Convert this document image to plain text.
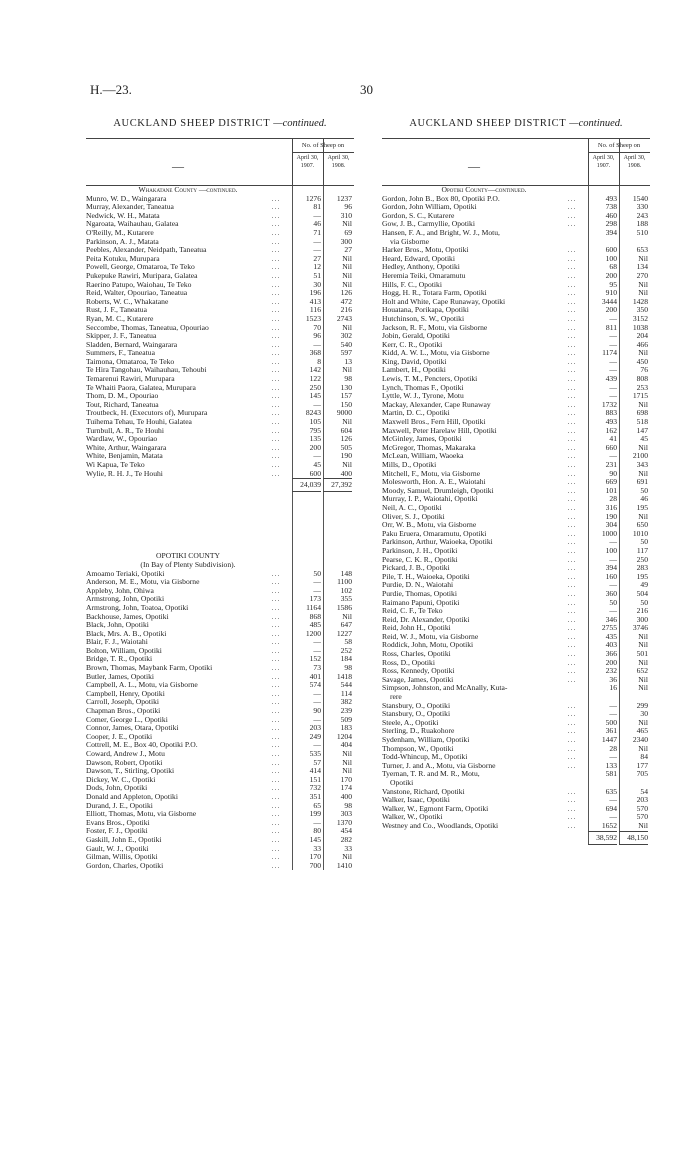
H.—23.	30
AUCKLAND SHEEP DISTRICT —continued.
—
No. of Sheep on
April 30, 1907.
April 30, 1908.
Whakatane County —continued.
Munro, W. D., Waingarara	...	1276	1237
Murray, Alexander, Taneatua	...	81	96
Nedwick, W. H., Matata	...	—	310
Ngaroata, Waihauhau, Galatea	...	46	Nil
O'Reilly, M., Kutarere	...	71	69
Parkinson, A. J., Matata	...	—	300
Peebles, Alexander, Neidpath, Taneatua	...	—	27
Peita Kotuku, Murupara	...	27	Nil
Powell, George, Omataroa, Te Teko	...	12	Nil
Pukepuke Rawiri, Muripara, Galatea	...	51	Nil
Raerino Patupo, Waiohau, Te Teko	...	30	Nil
Reid, Walter, Opouriao, Taneatua	...	196	126
Roberts, W. C., Whakatane	...	413	472
Rust, J. F., Taneatua	...	116	216
Ryan, M. C., Kutarere	...	1523	2743
Seccombe, Thomas, Taneatua, Opouriao	...	70	Nil
Skipper, J. F., Taneatua	...	96	302
Sladden, Bernard, Waingarara	...	—	540
Summers, F., Taneatua	...	368	597
Taimona, Omataroa, Te Teko	...	8	13
Te Hira Tangohau, Waihauhau, Tehoubi	...	142	Nil
Temarenui Rawiri, Murupara	...	122	98
Te Whaiti Paora, Galatea, Murupara	...	250	130
Thom, D. M., Opouriao	...	145	157
Tout, Richard, Taneatua	...	—	150
Troutbeck, H. (Executors of), Murupara	...	8243	9000
Tuihema Tehau, Te Houhi, Galatea	...	105	Nil
Turnbull, A. R., Te Houhi	...	795	604
Wardlaw, W., Opouriao	...	135	126
White, Arthur, Waingarara	...	200	505
White, Benjamin, Matata	...	—	190
Wi Kapua, Te Teko	...	45	Nil
Wylie, R. H. J., Te Houhi	...	600	400
24,039	27,392
OPOTIKI COUNTY
(In Bay of Plenty Subdivision).
Amoamo Teriaki, Opotiki	...	50	148
Anderson, M. E., Motu, via Gisborne	...	—	1100
Appleby, John, Ohiwa	...	—	102
Armstrong, John, Opotiki	...	173	355
Armstrong, John, Toatoa, Opotiki	...	1164	1586
Backhouse, James, Opotiki	...	868	Nil
Black, John, Opotiki	...	485	647
Black, Mrs. A. B., Opotiki	...	1200	1227
Blair, F. J., Waiotahi	...	—	58
Bolton, William, Opotiki	...	—	252
Bridge, T. R., Opotiki	...	152	184
Brown, Thomas, Maybank Farm, Opotiki	...	73	98
Butler, James, Opotiki	...	401	1418
Campbell, A. L., Motu, via Gisborne	...	574	544
Campbell, Henry, Opotiki	...	—	114
Carroll, Joseph, Opotiki	...	—	382
Chapman Bros., Opotiki	...	90	239
Comer, George L., Opotiki	...	—	509
Connor, James, Otara, Opotiki	...	203	183
Cooper, J. E., Opotiki	...	249	1204
Cottrell, M. E., Box 40, Opotiki P.O.	...	—	404
Coward, Andrew J., Motu	...	535	Nil
Dawson, Robert, Opotiki	...	57	Nil
Dawson, T., Stirling, Opotiki	...	414	Nil
Dickey, W. C., Opotiki	...	151	170
Dods, John, Opotiki	...	732	174
Donald and Appleton, Opotiki	...	351	400
Durand, J. E., Opotiki	...	65	98
Elliott, Thomas, Motu, via Gisborne	...	199	303
Evans Bros., Opotiki	...	—	1370
Foster, F. J., Opotiki	...	80	454
Gaskill, John E., Opotiki	...	145	282
Gault, W. J., Opotiki	...	33	33
Gilman, Willis, Opotiki	...	170	Nil
Gordon, Charles, Opotiki	...	700	1410
AUCKLAND SHEEP DISTRICT —continued.
—
No. of Sheep on
April 30, 1907.
April 30, 1908.
Opotiki County—continued.
Gordon, John B., Box 80, Opotiki P.O.	...	493	1540
Gordon, John William, Opotiki	...	738	330
Gordon, S. C., Kutarere	...	460	243
Gow, J. B., Carmyllie, Opotiki	...	298	188
Hansen, F. A., and Bright, W. J., Motu,	394	510
via Gisborne
Harker Bros., Motu, Opotiki	...	600	653
Heard, Edward, Opotiki	...	100	Nil
Hedley, Anthony, Opotiki	...	68	134
Heremia Teiki, Omaramutu	...	200	270
Hills, F. C., Opotiki	...	95	Nil
Hogg, H. R., Totara Farm, Opotiki	...	910	Nil
Holt and White, Cape Runaway, Opotiki	...	3444	1428
Houatana, Porikapa, Opotiki	...	200	350
Hutchinson, S. W., Opotiki	...	—	3152
Jackson, R. F., Motu, via Gisborne	...	811	1038
Jobin, Gerald, Opotiki	...	—	204
Kerr, C. R., Opotiki	...	—	466
Kidd, A. W. L., Motu, via Gisborne	...	1174	Nil
King, David, Opotiki	...	—	450
Lambert, H., Opotiki	...	—	76
Lewis, T. M., Pencters, Opotiki	...	439	808
Lynch, Thomas F., Opotiki	...	—	253
Lyttle, W. J., Tyrone, Motu	...	—	1715
Mackay, Alexander, Cape Runaway	...	1732	Nil
Martin, D. C., Opotiki	...	883	698
Maxwell Bros., Fern Hill, Opotiki	...	493	518
Maxwell, Peter Harelaw Hill, Opotiki	...	162	147
McGinley, James, Opotiki	...	41	45
McGregor, Thomas, Makaraka	...	660	Nil
McLean, William, Waoeka	...	—	2100
Mills, D., Opotiki	...	231	343
Mitchell, F., Motu, via Gisborne	...	90	Nil
Molesworth, Hon. A. E., Waiotahi	...	669	691
Moody, Samuel, Drumleigh, Opotiki	...	101	50
Murray, I. P., Waiotahi, Opotiki	...	28	46
Neil, A. C., Opotiki	...	316	195
Oliver, S. J., Opotiki	...	190	Nil
Orr, W. B., Motu, via Gisborne	...	304	650
Paku Eruera, Omaramutu, Opotiki	...	1000	1010
Parkinson, Arthur, Waioeka, Opotiki	...	—	50
Parkinson, J. H., Opotiki	...	100	117
Pearse, C. K. R., Opotiki	...	—	250
Pickard, J. B., Opotiki	...	394	283
Pile, T. H., Waioeka, Opotiki	...	160	195
Purdie, D. N., Waiotahi	...	—	49
Purdie, Thomas, Opotiki	...	360	504
Raimano Papuni, Opotiki	...	50	50
Reid, C. F., Te Teko	...	—	216
Reid, Dr. Alexander, Opotiki	...	346	300
Reid, John H., Opotiki	...	2755	3746
Reid, W. J., Motu, via Gisborne	...	435	Nil
Roddick, John, Motu, Opotiki	...	403	Nil
Ross, Charles, Opotiki	...	366	501
Ross, D., Opotiki	...	200	Nil
Ross, Kennedy, Opotiki	...	232	652
Savage, James, Opotiki	...	36	Nil
Simpson, Johnston, and McAnally, Kuta-	16	Nil
rere
Stansbury, O., Opotiki	...	—	299
Stansbury, O., Opotiki	...	—	30
Steele, A., Opotiki	...	500	Nil
Sterling, D., Ruakohore	...	361	465
Sydenham, William, Opotiki	...	1447	2340
Thompson, W., Opotiki	...	28	Nil
Todd-Whincup, M., Opotiki	...	—	84
Turner, J. and A., Motu, via Gisborne	...	133	177
Tyernan, T. R. and M. R., Motu,	581	705
Opotiki
Vanstone, Richard, Opotiki	...	635	54
Walker, Isaac, Opotiki	...	—	203
Walker, W., Egmont Farm, Opotiki	...	694	570
Walker, W., Opotiki	...	—	570
Westney and Co., Woodlands, Opotiki	...	1652	Nil
38,592	48,150
